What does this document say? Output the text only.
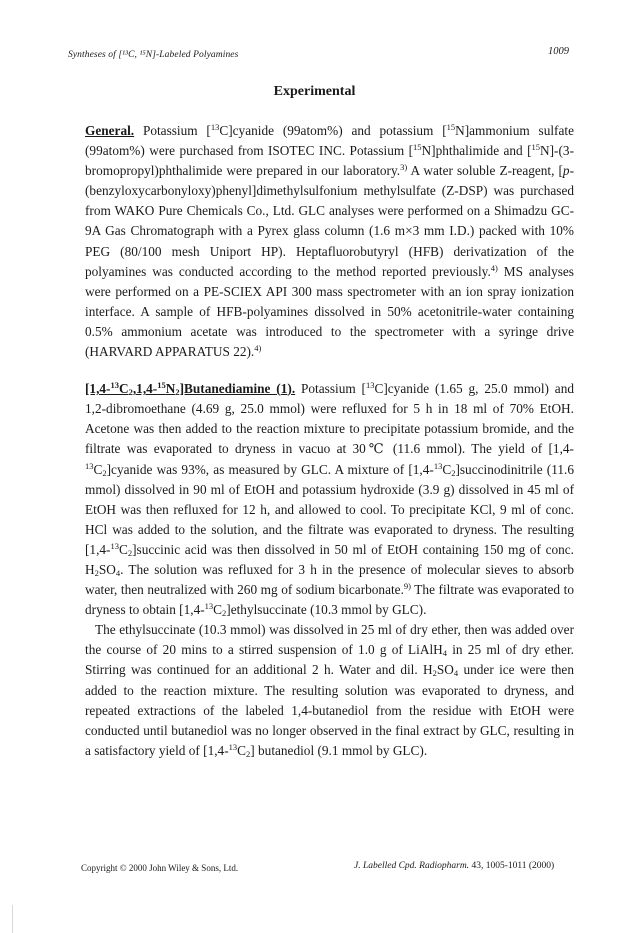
Syntheses of [¹³C, ¹⁵N]-Labeled Polyamines	1009
Experimental

General. Potassium [$^{13}$C]cyanide (99atom%) and potassium [$^{15}$N]ammonium sulfate (99atom%) were purchased from ISOTEC INC. Potassium [$^{15}$N]phthalimide and [$^{15}$N]-(3-bromopropyl)phthalimide were prepared in our laboratory.$^{3)}$ A water soluble Z-reagent, [p-(benzyloxycarbonyloxy)phenyl]dimethylsulfonium methylsulfate (Z-DSP) was purchased from WAKO Pure Chemicals Co., Ltd. GLC analyses were performed on a Shimadzu GC-9A Gas Chromatograph with a Pyrex glass column (1.6 m×3 mm I.D.) packed with 10% PEG (80/100 mesh Uniport HP). Heptafluorobutyryl (HFB) derivatization of the polyamines was conducted according to the method reported previously.$^{4)}$ MS analyses were performed on a PE-SCIEX API 300 mass spectrometer with an ion spray ionization interface. A sample of HFB-polyamines dissolved in 50% acetonitrile-water containing 0.5% ammonium acetate was introduced to the spectrometer with a syringe drive (HARVARD APPARATUS 22).$^{4)}$

$[1,4-^{13}C_2,1,4-^{15}N_2]Butanediamine$ (1). Potassium [$^{13}$C]cyanide (1.65 g, 25.0 mmol) and 1,2-dibromoethane (4.69 g, 25.0 mmol) were refluxed for 5 h in 18 ml of 70% EtOH. Acetone was then added to the reaction mixture to precipitate potassium bromide, and the filtrate was evaporated to dryness in vacuo at 30℃ (11.6 mmol). The yield of $[1,4-^{13}C_2]cyanide$ was 93%, as measured by GLC. A mixture of $[1,4-^{13}C_2]succinodinitrile$ (11.6 mmol) dissolved in 90 ml of EtOH and potassium hydroxide (3.9 g) dissolved in 45 ml of EtOH was then refluxed for 12 h, and allowed to cool. To precipitate KCl, 9 ml of conc. HCl was added to the solution, and the filtrate was evaporated to dryness. The resulting $[1,4-^{13}C_2]succinic$ acid was then dissolved in 50 ml of EtOH containing 150 mg of conc. $H_2SO_4$. The solution was refluxed for 3 h in the presence of molecular sieves to absorb water, then neutralized with 260 mg of sodium bicarbonate.$^{9)}$ The filtrate was evaporated to dryness to obtain $[1,4-^{13}C_2]ethylsuccinate$ (10.3 mmol by GLC).

The ethylsuccinate (10.3 mmol) was dissolved in 25 ml of dry ether, then was added over the course of 20 mins to a stirred suspension of 1.0 g of LiAlH$_4$ in 25 ml of dry ether. Stirring was continued for an additional 2 h. Water and dil. $H_2SO_4$ under ice were then added to the reaction mixture. The resulting solution was evaporated to dryness, and repeated extractions of the labeled 1,4-butanediol from the residue with EtOH were conducted until butanediol was no longer observed in the final extract by GLC, resulting in a satisfactory yield of $[1,4-^{13}C_2]$ butanediol (9.1 mmol by GLC).

Copyright © 2000 John Wiley & Sons, Ltd.	J. Labelled Cpd. Radiopharm. 43, 1005-1011 (2000)
